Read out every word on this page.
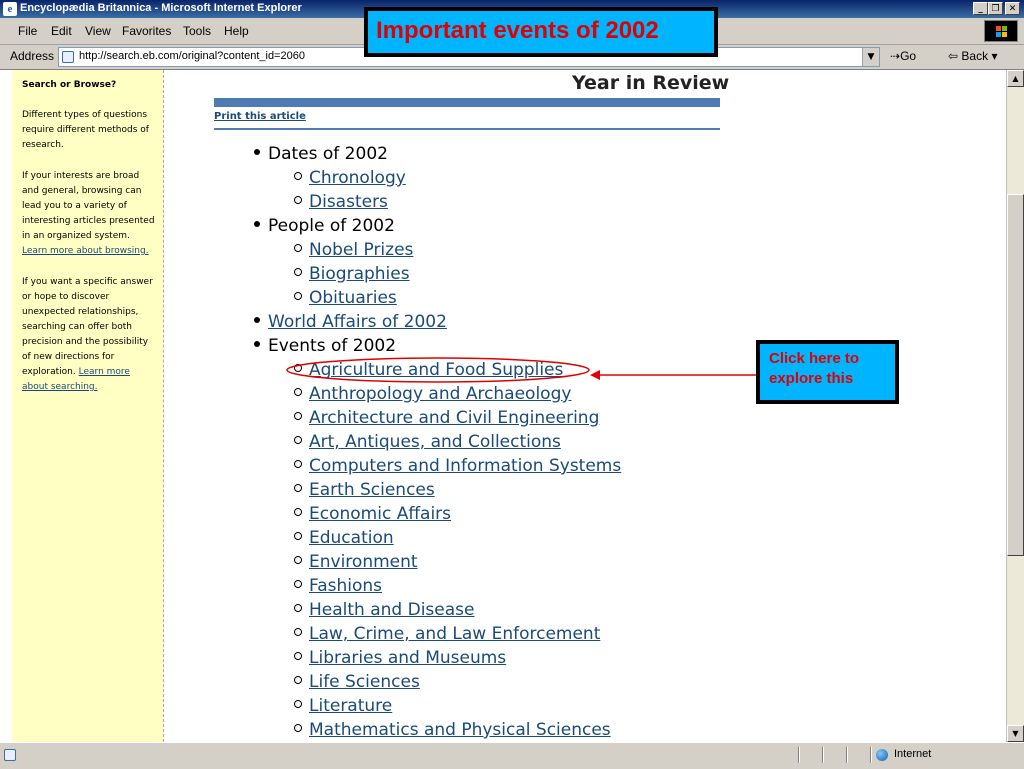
e Encyclopædia Britannica - Microsoft Internet Explorer	_ ❐	✕
File Edit View Favorites Tools Help
Address http://search.eb.com/original?content_id=2060	▼	⇢Go	⇦ Back ▾
Search or Browse?

Different types of questions require different methods of research.

If your interests are broad and general, browsing can lead you to a variety of interesting articles presented in an organized system. Learn more about browsing.

If you want a specific answer or hope to discover unexpected relationships, searching can offer both precision and the possibility of new directions for exploration. Learn more about searching.

Year in Review
Print this article
Dates of 2002
Chronology
Disasters
People of 2002
Nobel Prizes
Biographies
Obituaries
World Affairs of 2002
Events of 2002
Agriculture and Food Supplies
Anthropology and Archaeology
Architecture and Civil Engineering
Art, Antiques, and Collections
Computers and Information Systems
Earth Sciences
Economic Affairs
Education
Environment
Fashions
Health and Disease
Law, Crime, and Law Enforcement
Libraries and Museums
Life Sciences
Literature
Mathematics and Physical Sciences
▲
▼
Internet
Important events of 2002
Click here to
explore this
